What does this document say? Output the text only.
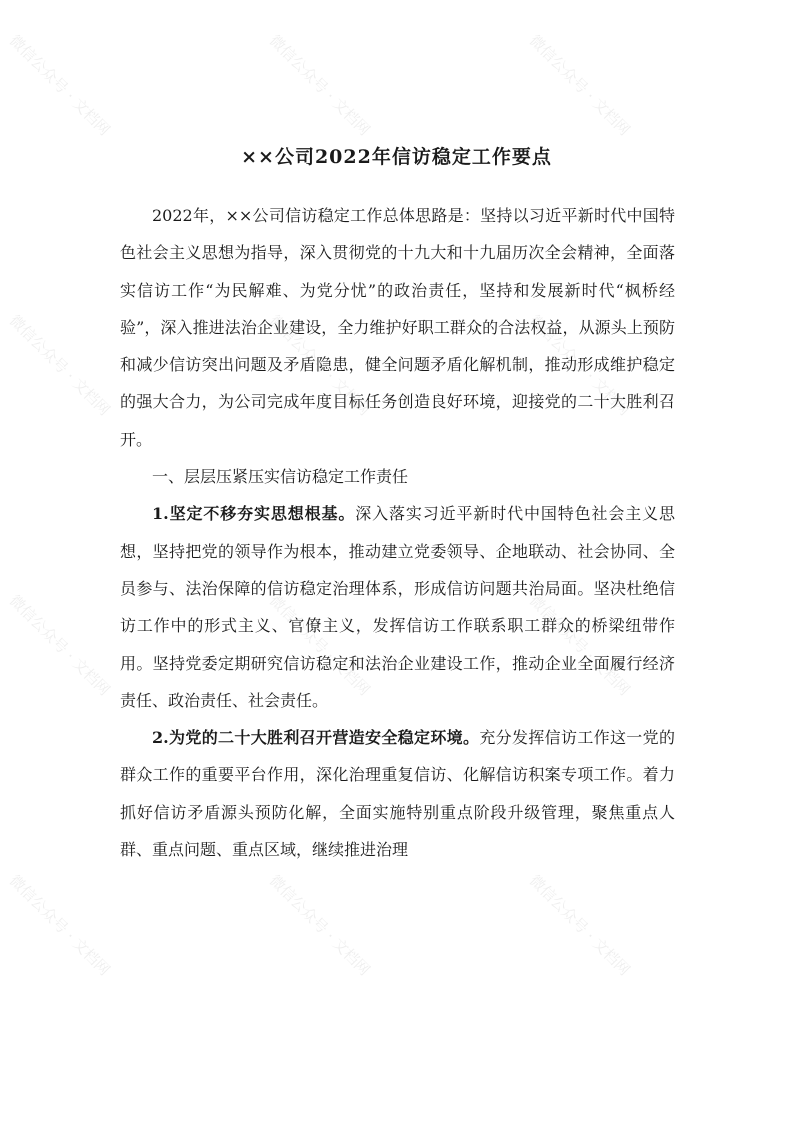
××公司2022年信访稳定工作要点

2022年，××公司信访稳定工作总体思路是：坚持以习近平新时代中国特色社会主义思想为指导，深入贯彻党的十九大和十九届历次全会精神，全面落实信访工作“为民解难、为党分忧”的政治责任，坚持和发展新时代“枫桥经验”，深入推进法治企业建设，全力维护好职工群众的合法权益，从源头上预防和减少信访突出问题及矛盾隐患，健全问题矛盾化解机制，推动形成维护稳定的强大合力，为公司完成年度目标任务创造良好环境，迎接党的二十大胜利召开。

一、层层压紧压实信访稳定工作责任

1.坚定不移夯实思想根基。深入落实习近平新时代中国特色社会主义思想，坚持把党的领导作为根本，推动建立党委领导、企地联动、社会协同、全员参与、法治保障的信访稳定治理体系，形成信访问题共治局面。坚决杜绝信访工作中的形式主义、官僚主义，发挥信访工作联系职工群众的桥梁纽带作用。坚持党委定期研究信访稳定和法治企业建设工作，推动企业全面履行经济责任、政治责任、社会责任。

2.为党的二十大胜利召开营造安全稳定环境。充分发挥信访工作这一党的群众工作的重要平台作用，深化治理重复信访、化解信访积案专项工作。着力抓好信访矛盾源头预防化解，全面实施特别重点阶段升级管理，聚焦重点人群、重点问题、重点区域，继续推进治理

微信公众号 · 文档网	微信公众号 · 文档网	微信公众号 · 文档网
微信公众号 · 文档网	微信公众号 · 文档网	微信公众号 · 文档网
微信公众号 · 文档网	微信公众号 · 文档网	微信公众号 · 文档网
微信公众号 · 文档网	微信公众号 · 文档网	微信公众号 · 文档网
